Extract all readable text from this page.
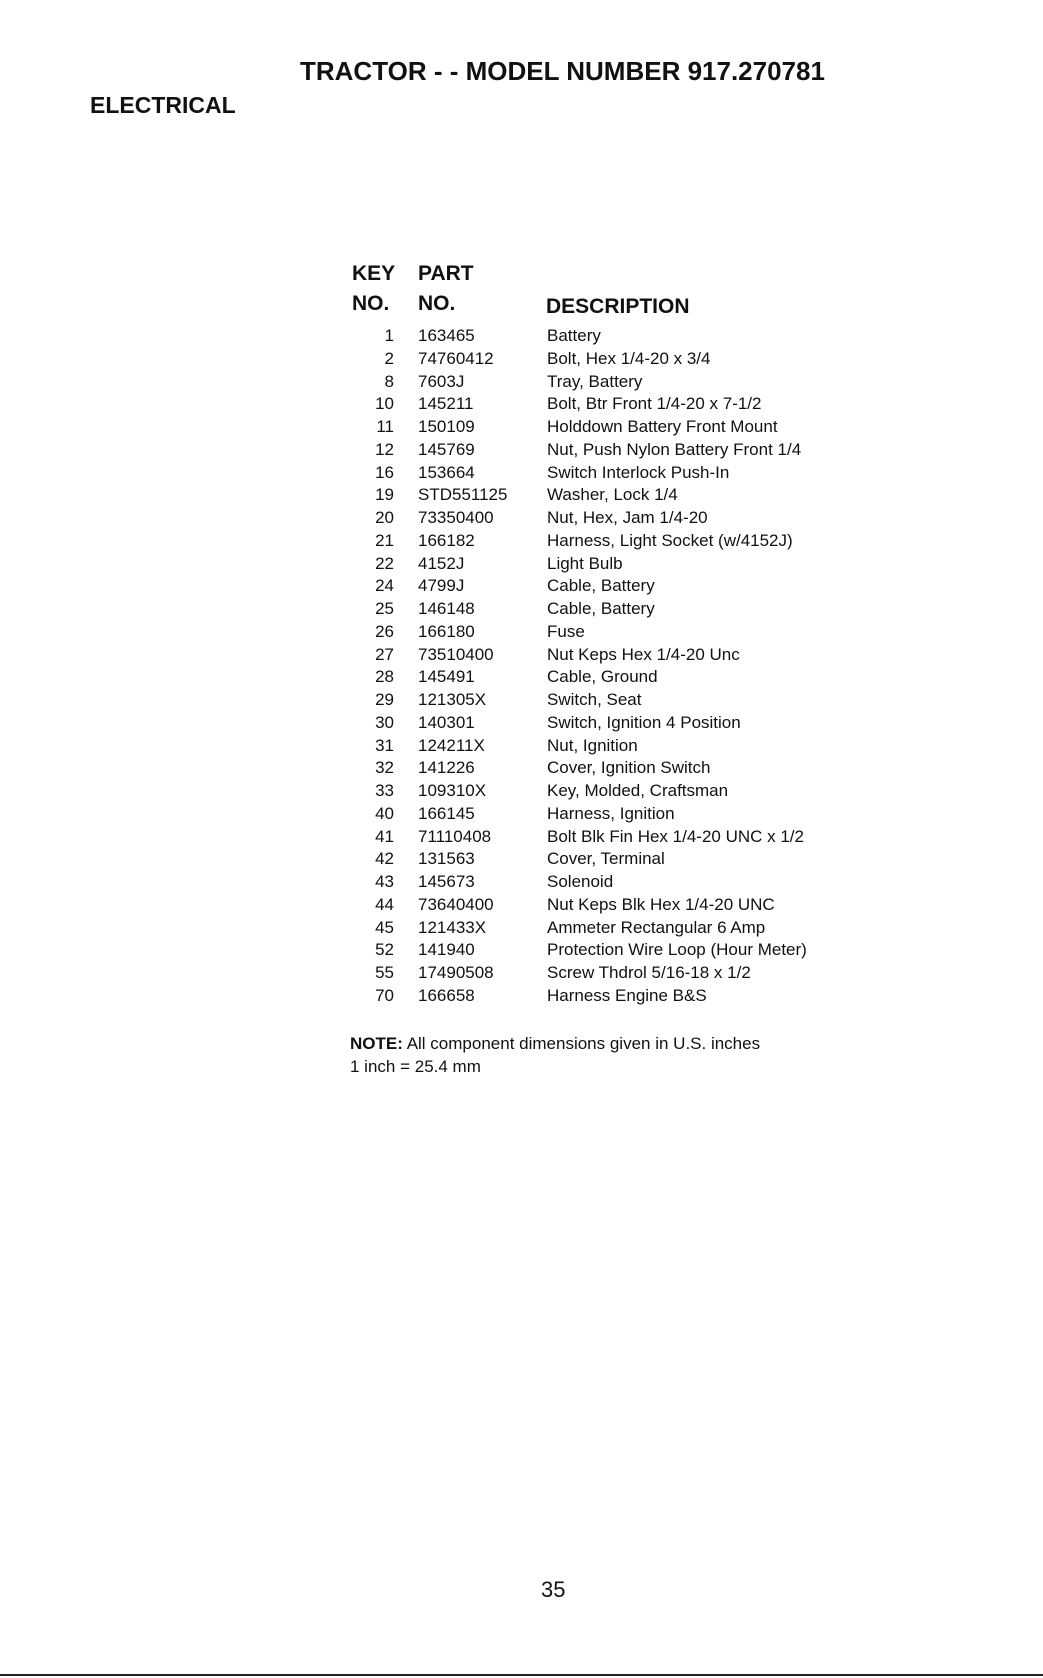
TRACTOR - - MODEL NUMBER 917.270781
ELECTRICAL
KEY PART
NO. NO.	DESCRIPTION
1 163465	Battery
2 74760412	Bolt, Hex 1/4-20 x 3/4
8 7603J	Tray, Battery
10 145211	Bolt, Btr Front 1/4-20 x 7-1/2
11 150109	Holddown Battery Front Mount
12 145769	Nut, Push Nylon Battery Front 1/4
16 153664	Switch Interlock Push-In
19 STD551125 Washer, Lock 1/4
20 73350400	Nut, Hex, Jam 1/4-20
21 166182	Harness, Light Socket (w/4152J)
22 4152J	Light Bulb
24 4799J	Cable, Battery
25 146148	Cable, Battery
26 166180	Fuse
27 73510400	Nut Keps Hex 1/4-20 Unc
28 145491	Cable, Ground
29 121305X	Switch, Seat
30 140301	Switch, Ignition 4 Position
31 124211X	Nut, Ignition
32 141226	Cover, Ignition Switch
33 109310X	Key, Molded, Craftsman
40 166145	Harness, Ignition
41 71110408	Bolt Blk Fin Hex 1/4-20 UNC x 1/2
42 131563	Cover, Terminal
43 145673	Solenoid
44 73640400	Nut Keps Blk Hex 1/4-20 UNC
45 121433X	Ammeter Rectangular 6 Amp
52 141940	Protection Wire Loop (Hour Meter)
55 17490508	Screw Thdrol 5/16-18 x 1/2
70 166658	Harness Engine B&S
NOTE: All component dimensions given in U.S. inches
1 inch = 25.4 mm
35
